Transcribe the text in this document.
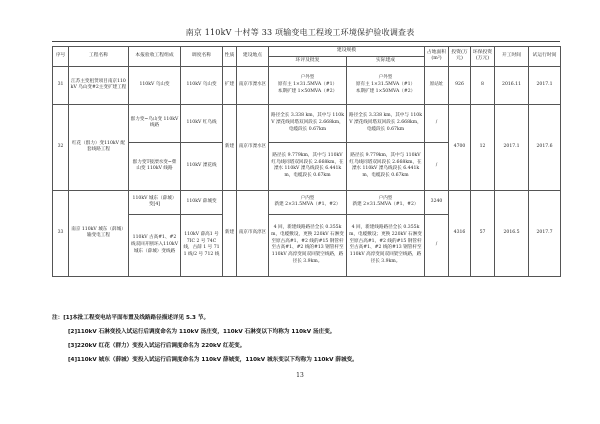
南京 110kV 十村等 33 项输变电工程竣工环境保护验收调查表
序号	工程名称	本报验收工程组成	调度名称	性质	建设地点	建设规模		占地面积(m²)	投资(万元)	环保投资(万元)	开工时间	试运行时间
						环评及批复	实际建成					
31	江苏主变租赁项目南京110kV 乌山变#2主变扩建工程	110kV 乌山变	110kV 乌山变	扩建	南京市溧水区	户外型
原有主 1×31.5MVA（#1）
本期扩建 1×50MVA（#2）	户外型
原有主 1×31.5MVA（#1）
本期扩建 1×50MVA（#2）	原站址	926	8	2016.11	2017.1
32	红花（群力）变110kV 配套线路工程	群力变~乌山变 110kV 线路	110kV 红乌线	新建	南京市溧水区	路径全长 3.338 km，其中与 110kV 溧花线同塔双回段长 2.668km，电缆段长 0.67km	路径全长 3.338 km，其中与 110kV 溧花线同塔双回段长 2.668km，电缆段长 0.67km	/	4700	12	2017.1	2017.6
		群力变T接溧水变~柴山变 110kV 线路	110kV 溧花线			路径长 9.779km，其中与 110kV 红乌线同塔双回段长 2.668km，在溧水 110kV 溧乌线段长 6.441km，电缆段长 0.67km	路径长 9.779km，其中与 110kV 红乌线同塔双回段长 2.668km，在溧水 110kV 溧乌线段长 6.441km，电缆段长 0.67km	/				
33	南京 110kV 城东（薛城）输变电工程	110kV 城东（薛城）变[4]	110kV 薛城变	新建	南京市高淳区	户内型
新建 2×31.5MVA（#1、#2）	户内型
新建 2×31.5MVA（#1、#2）	3240	4316	57	2016.5	2017.7
		110kV 古高#1、#2线双回开断环入110kV 城东（薛城）变线路	110kV 薛高1 号 7IC 2 号 74C 线，古薛 1 号 711 线/2 号 712 线			4 回，新建线路路径全长 0.355km，电缆敷设，更换 220kV 石淋变至原古高#1、#2 线的#15 钢管杆至古高#1、#2 线的#13 钢管杆至 110kV 高淳变间双回架空线路，路径长 3.9km。	4 回，新建线路路径全长 0.355km，电缆敷设；更换 220kV 石淋变至原古高#1、#2 线的#15 钢管杆至古高#1、#2 线的#13 钢管杆至 110kV 高淳变间双回架空线路，路径长 3.9km。	/				
注：[1]本批工程变电站平面布置及线路路径描述详见 5.3 节。
[2]110kV 石淋变投入试运行后调度命名为 110kV 汤庄变，110kV 石淋变以下均称为 110kV 汤庄变。
[3]220kV 红花（群力）变投入试运行后调度命名为 220kV 红花变。
[4]110kV 城东（薛城）变投入试运行后调度命名为 110kV 薛城变，110kV 城东变以下均称为 110kV 薛城变。
13
